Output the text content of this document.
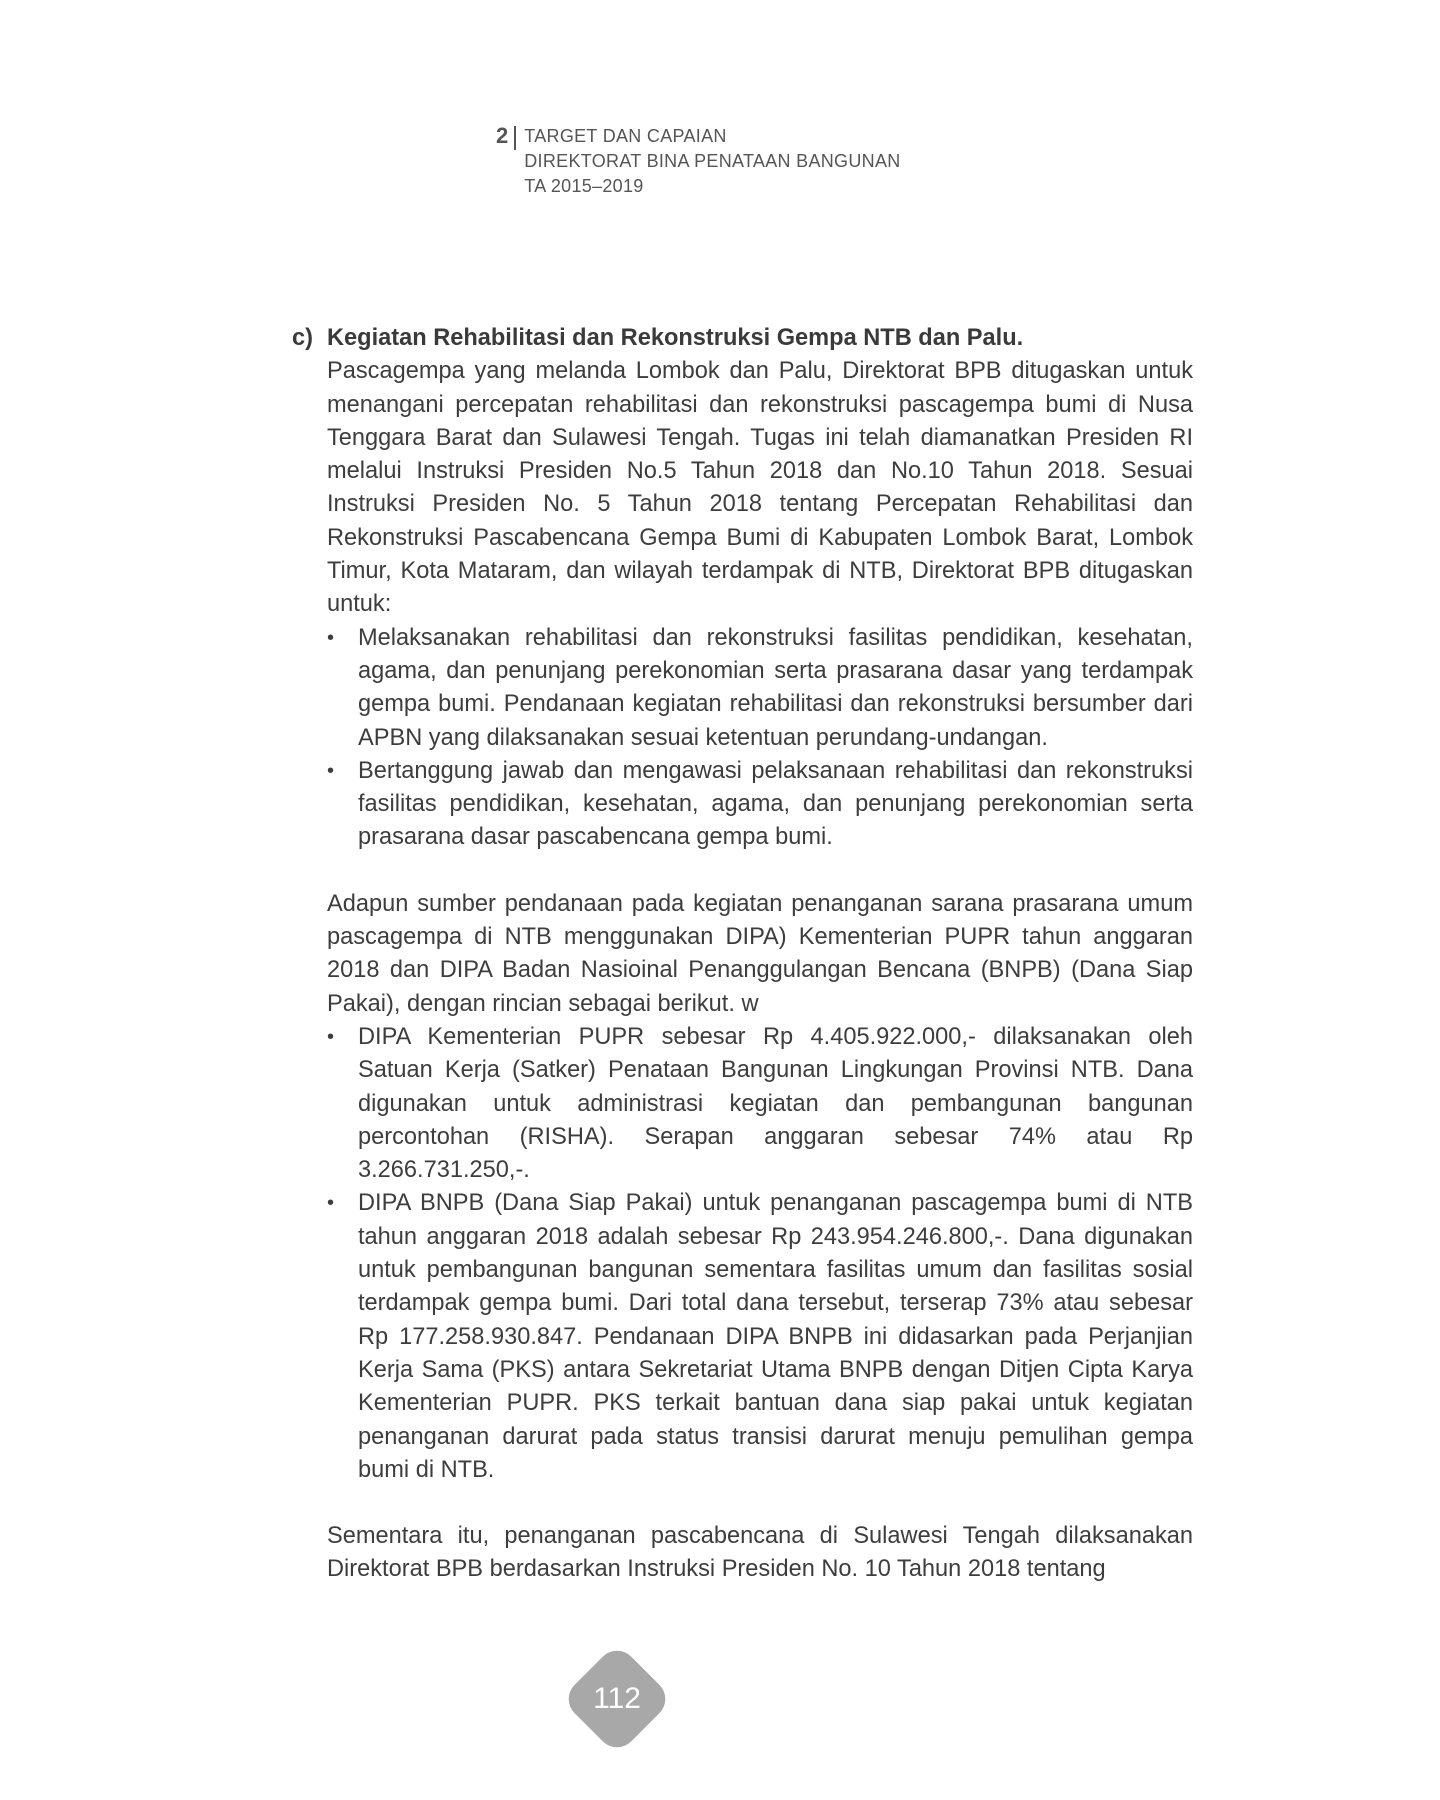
2 TARGET DAN CAPAIAN
DIREKTORAT BINA PENATAAN BANGUNAN
TA 2015–2019
c) Kegiatan Rehabilitasi dan Rekonstruksi Gempa NTB dan Palu.

Pascagempa yang melanda Lombok dan Palu, Direktorat BPB ditugaskan untuk menangani percepatan rehabilitasi dan rekonstruksi pascagempa bumi di Nusa Tenggara Barat dan Sulawesi Tengah. Tugas ini telah diamanatkan Presiden RI melalui Instruksi Presiden No.5 Tahun 2018 dan No.10 Tahun 2018. Sesuai Instruksi Presiden No. 5 Tahun 2018 tentang Percepatan Rehabilitasi dan Rekonstruksi Pascabencana Gempa Bumi di Kabupaten Lombok Barat, Lombok Timur, Kota Mataram, dan wilayah terdampak di NTB, Direktorat BPB ditugaskan untuk:

• Melaksanakan rehabilitasi dan rekonstruksi fasilitas pendidikan, kesehatan, agama, dan penunjang perekonomian serta prasarana dasar yang terdampak gempa bumi. Pendanaan kegiatan rehabilitasi dan rekonstruksi bersumber dari APBN yang dilaksanakan sesuai ketentuan perundang-undangan.
• Bertanggung jawab dan mengawasi pelaksanaan rehabilitasi dan rekonstruksi fasilitas pendidikan, kesehatan, agama, dan penunjang perekonomian serta prasarana dasar pascabencana gempa bumi.

Adapun sumber pendanaan pada kegiatan penanganan sarana prasarana umum pascagempa di NTB menggunakan DIPA) Kementerian PUPR tahun anggaran 2018 dan DIPA Badan Nasioinal Penanggulangan Bencana (BNPB) (Dana Siap Pakai), dengan rincian sebagai berikut. w

• DIPA Kementerian PUPR sebesar Rp 4.405.922.000,- dilaksanakan oleh Satuan Kerja (Satker) Penataan Bangunan Lingkungan Provinsi NTB. Dana digunakan untuk administrasi kegiatan dan pembangunan bangunan percontohan (RISHA). Serapan anggaran sebesar 74% atau Rp 3.266.731.250,-.
• DIPA BNPB (Dana Siap Pakai) untuk penanganan pascagempa bumi di NTB tahun anggaran 2018 adalah sebesar Rp 243.954.246.800,-. Dana digunakan untuk pembangunan bangunan sementara fasilitas umum dan fasilitas sosial terdampak gempa bumi. Dari total dana tersebut, terserap 73% atau sebesar Rp 177.258.930.847. Pendanaan DIPA BNPB ini didasarkan pada Perjanjian Kerja Sama (PKS) antara Sekretariat Utama BNPB dengan Ditjen Cipta Karya Kementerian PUPR. PKS terkait bantuan dana siap pakai untuk kegiatan penanganan darurat pada status transisi darurat menuju pemulihan gempa bumi di NTB.

Sementara itu, penanganan pascabencana di Sulawesi Tengah dilaksanakan Direktorat BPB berdasarkan Instruksi Presiden No. 10 Tahun 2018 tentang

112
